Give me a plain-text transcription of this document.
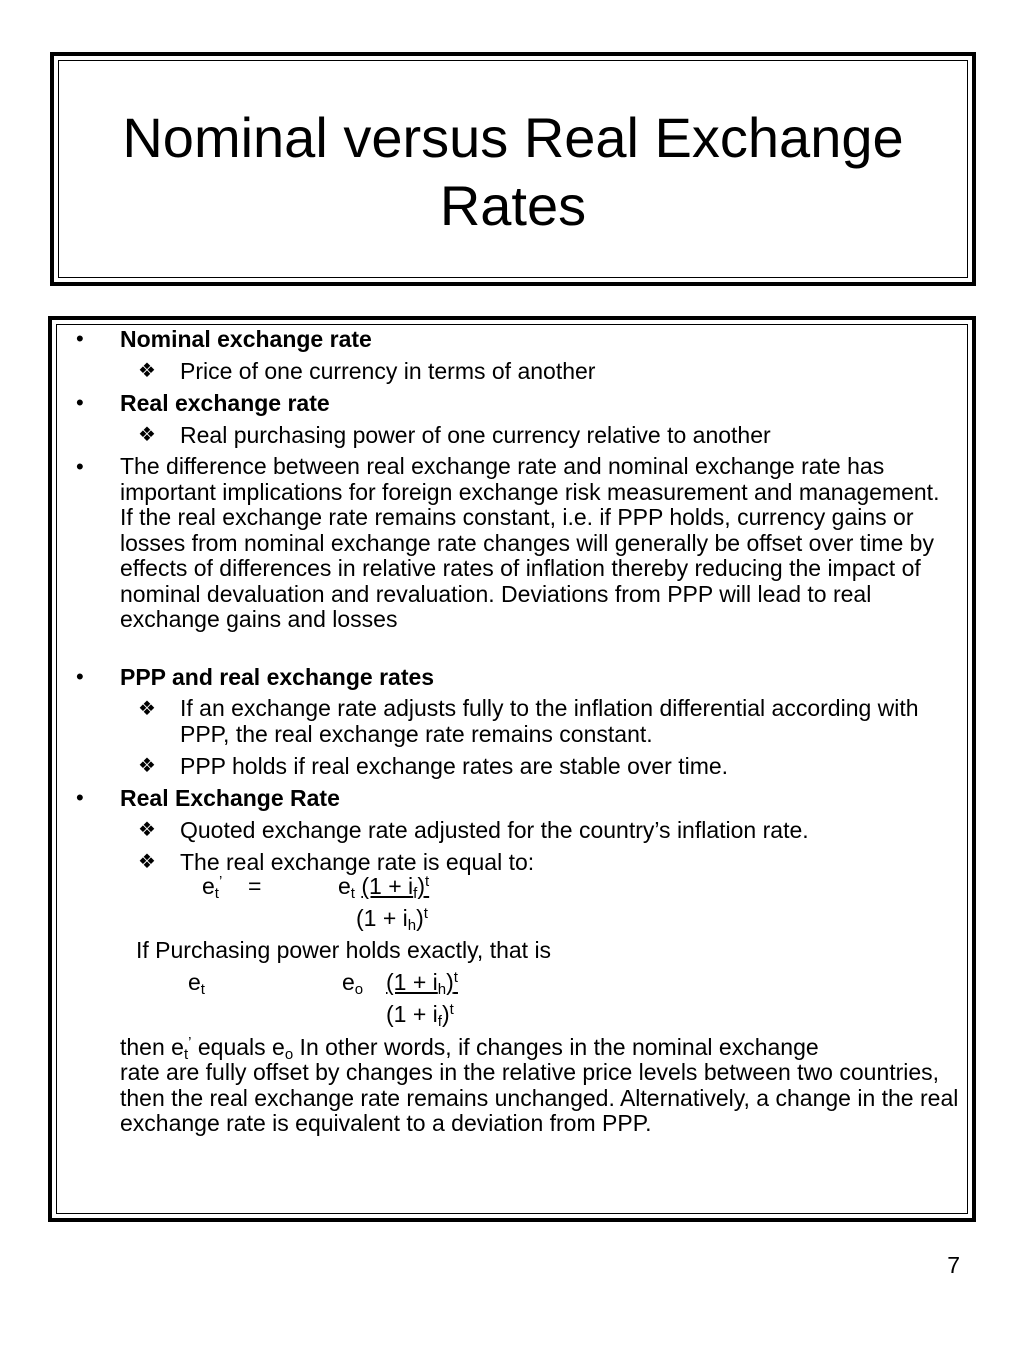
Nominal versus Real Exchange Rates
• Nominal exchange rate
❖ Price of one currency in terms of another
• Real exchange rate
❖ Real purchasing power of one currency relative to another
• The difference between real exchange rate and nominal exchange rate has important implications for foreign exchange risk measurement and management. If the real exchange rate remains constant, i.e. if PPP holds, currency gains or losses from nominal exchange rate changes will generally be offset over time by effects of differences in relative rates of inflation thereby reducing the impact of nominal devaluation and revaluation. Deviations from PPP will lead to real exchange gains and losses
• PPP and real exchange rates
❖ If an exchange rate adjusts fully to the inflation differential according with PPP, the real exchange rate remains constant.
❖ PPP holds if real exchange rates are stable over time.
• Real Exchange Rate
❖ Quoted exchange rate adjusted for the country’s inflation rate.
❖ The real exchange rate is equal to:
$e_t^’$ =	$e_t$ $(1 + i_f)^t$
$(1 + i_h)^t$
If Purchasing power holds exactly, that is
$e_t$	$e_o$ $(1 + i_h)^t$
$(1 + i_f)^t$
then $e_t^’$ equals $e_o$ In other words, if changes in the nominal exchange
rate are fully offset by changes in the relative price levels between two countries, then the real exchange rate remains unchanged. Alternatively, a change in the real exchange rate is equivalent to a deviation from PPP.
7
